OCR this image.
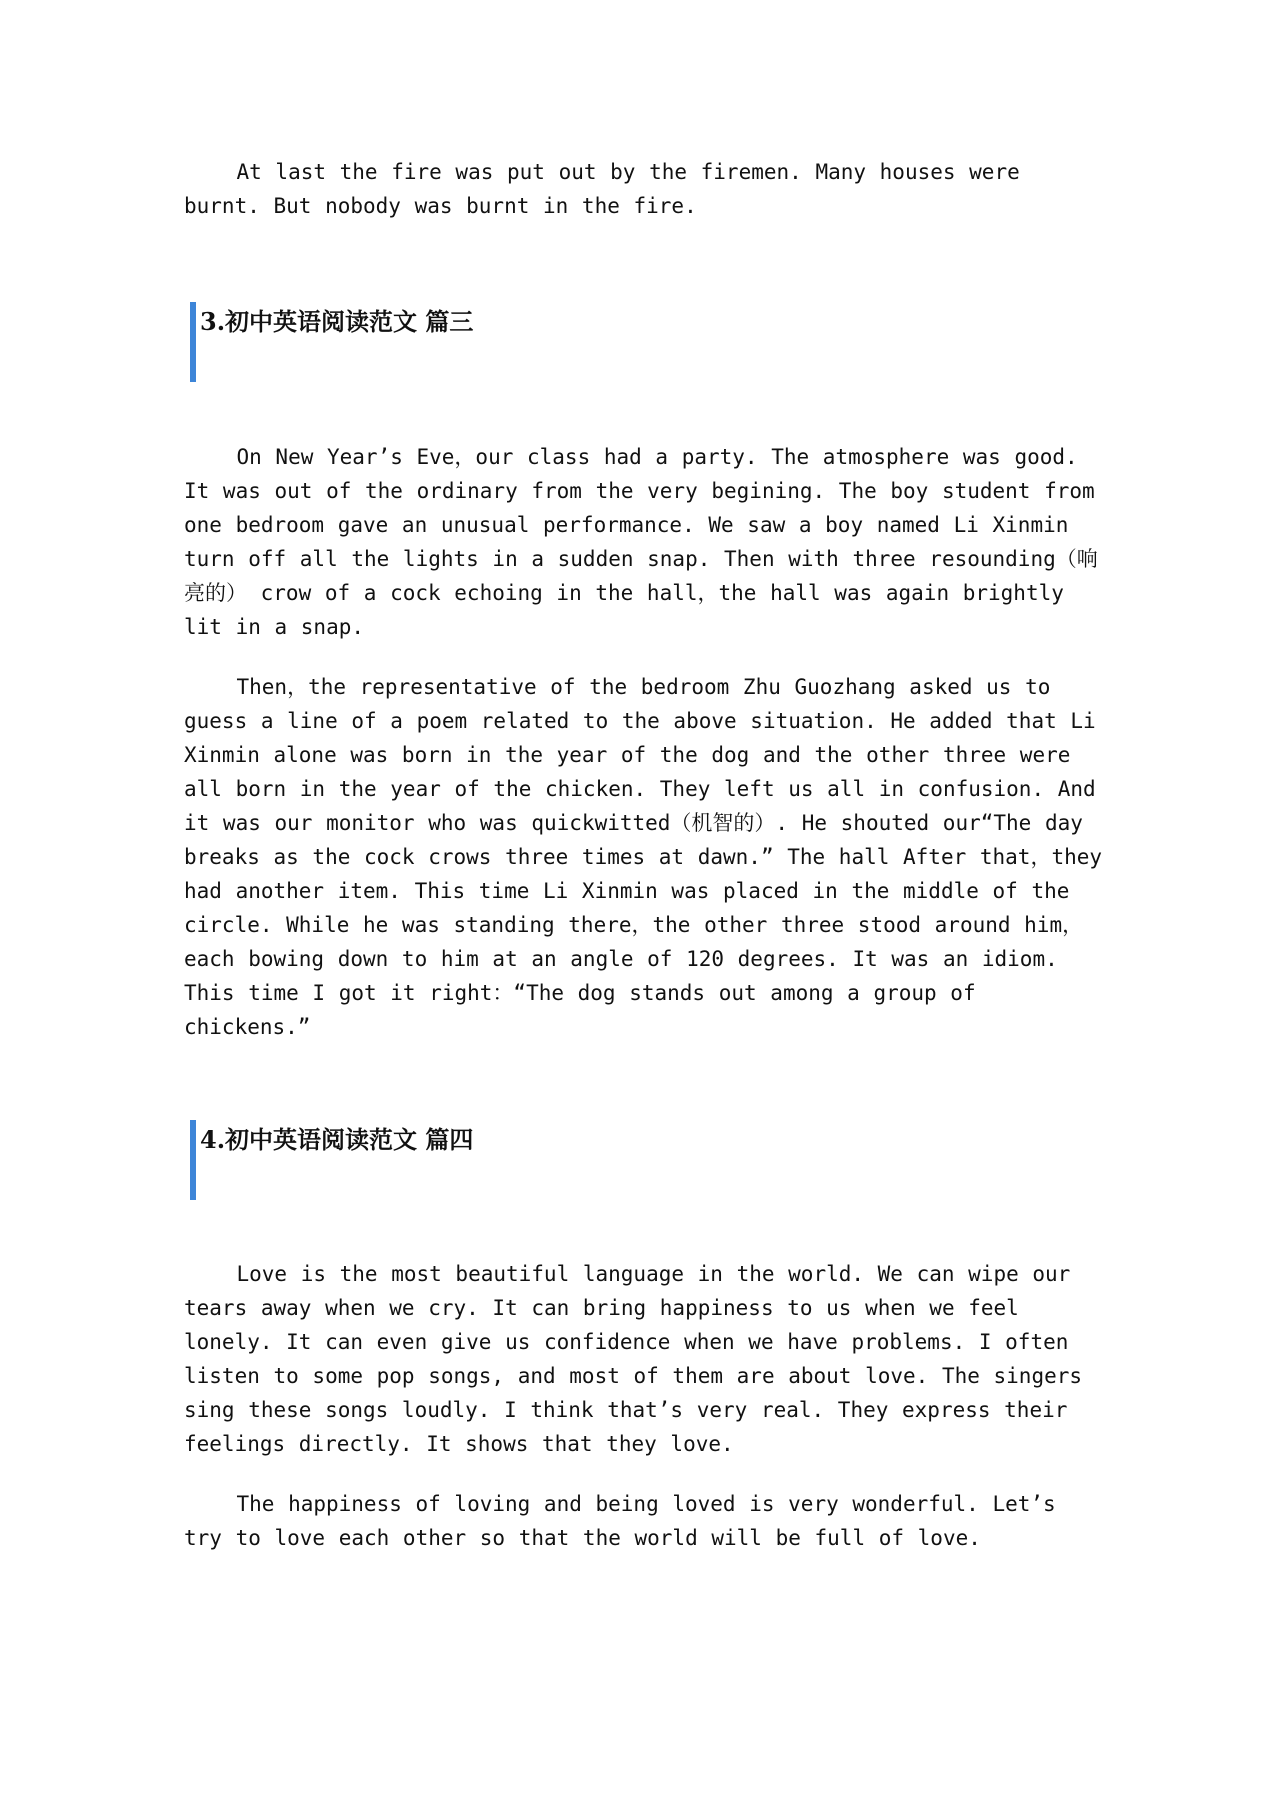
At last the fire was put out by the firemen. Many houses were burnt. But nobody was burnt in the fire.

3.初中英语阅读范文 篇三

On New Year’s Eve，our class had a party. The atmosphere was good. It was out of the ordinary from the very begining. The boy student from one bedroom gave an unusual performance. We saw a boy named Li Xinmin turn off all the lights in a sudden snap. Then with three resounding（响亮的） crow of a cock echoing in the hall，the hall was again brightly lit in a snap.

Then，the representative of the bedroom Zhu Guozhang asked us to guess a line of a poem related to the above situation. He added that Li Xinmin alone was born in the year of the dog and the other three were all born in the year of the chicken. They left us all in confusion. And it was our monitor who was quickwitted（机智的）. He shouted our“The day breaks as the cock crows three times at dawn.” The hall After that，they had another item. This time Li Xinmin was placed in the middle of the circle. While he was standing there，the other three stood around him，each bowing down to him at an angle of 120 degrees. It was an idiom. This time I got it right：“The dog stands out among a group of chickens.”

4.初中英语阅读范文 篇四

Love is the most beautiful language in the world. We can wipe our tears away when we cry. It can bring happiness to us when we feel lonely. It can even give us confidence when we have problems. I often listen to some pop songs, and most of them are about love. The singers sing these songs loudly. I think that’s very real. They express their feelings directly. It shows that they love.

The happiness of loving and being loved is very wonderful. Let’s try to love each other so that the world will be full of love.
